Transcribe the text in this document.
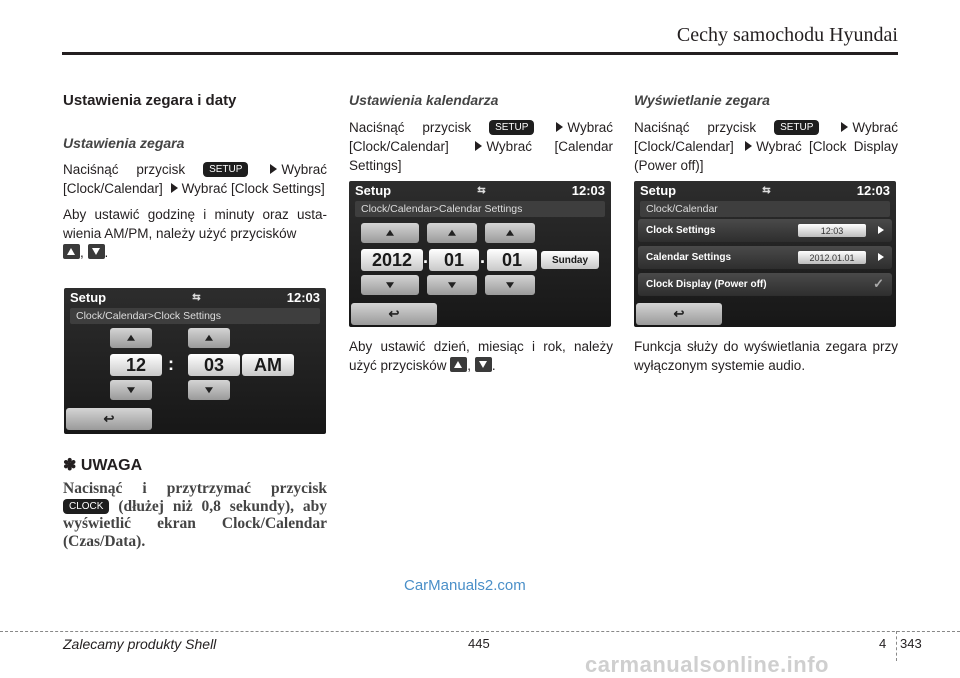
Cechy samochodu Hyundai
Ustawienia zegara i daty
Ustawienia zegara

Naciśnąć przycisk SETUP	Wybrać [Clock/Calendar] Wybrać [Clock Settings]

Aby ustawić godzinę i minuty oraz usta-wienia AM/PM, należy użyć przycisków
, .

Setup	⇆	12:03
Clock/Calendar>Clock Settings
12	:	03	AM
↩
✽ UWAGA
Nacisnąć i przytrzymać przycisk CLOCK (dłużej niż 0,8 sekundy), aby wyświetlić ekran Clock/Calendar (Czas/Data).
Ustawienia kalendarza

Naciśnąć przycisk SETUP	Wybrać [Clock/Calendar]	Wybrać [Calendar Settings]

Setup	⇆	12:03
Clock/Calendar>Calendar Settings
2012 . 01 . 01	Sunday
↩

Aby ustawić dzień, miesiąc i rok, należy użyć przycisków , .

Wyświetlanie zegara

Naciśnąć przycisk SETUP	Wybrać [Clock/Calendar] Wybrać [Clock Display (Power off)]

Setup	⇆	12:03
Clock/Calendar
Clock Settings	12:03
Calendar Settings	2012.01.01
Clock Display (Power off)	✓
↩

Funkcja służy do wyświetlania zegara przy wyłączonym systemie audio.

CarManuals2.com
Zalecamy produkty Shell	445	4 343
carmanualsonline.info
